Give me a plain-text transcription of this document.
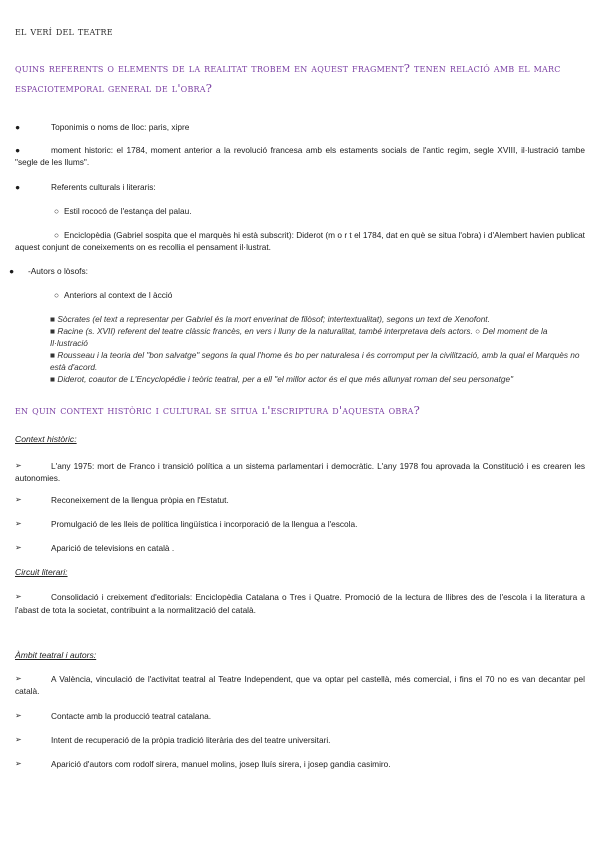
el verí del teatre
quins referents o elements de la realitat trobem en aquest fragment? tenen relació amb el marc espaciotemporal general de l'obra?
●	Toponimis o noms de lloc: paris, xipre
●	moment historic: el 1784, moment anterior a la revolució francesa amb els estaments socials de l'antic regim, segle XVIII, il·lustració tambe "segle de les llums".
●	Referents culturals i literaris:
○ Estil rococó de l'estança del palau.
○ Enciclopèdia (Gabriel sospita que el marquès hi està subscrit): Diderot (m o r t el 1784, dat en què se situa l'obra) i d'Alembert havien publicat aquest conjunt de coneixements on es recollia el pensament il·lustrat.
●	-Autors o lòsofs:
○ Anteriors al context de l àcció
■ Sòcrates (el text a representar per Gabriel és la mort enverinat de filòsof; intertextualitat), segons un text de Xenofont.
■ Racine (s. XVII) referent del teatre clàssic francès, en vers i lluny de la naturalitat, també interpretava dels actors. ○ Del moment de la Il·lustració
■ Rousseau i la teoria del "bon salvatge" segons la qual l'home és bo per naturalesa i és corromput per la civilització, amb la qual el Marquès no està d'acord.
■ Diderot, coautor de L'Encyclopédie i teòric teatral, per a ell "el millor actor és el que més allunyat roman del seu personatge"
en quin context històric i cultural se situa l'escriptura d'aquesta obra?
Context històric:
➢	L'any 1975: mort de Franco i transició política a un sistema parlamentari i democràtic. L'any 1978 fou aprovada la Constitució i es crearen les autonomies.
➢	Reconeixement de la llengua pròpia en l'Estatut.
➢	Promulgació de les lleis de política lingüística i incorporació de la llengua a l'escola.
➢	Aparició de televisions en català .
Circuit literari:
➢	Consolidació i creixement d'editorials: Enciclopèdia Catalana o Tres i Quatre. Promoció de la lectura de llibres des de l'escola i la literatura a l'abast de tota la societat, contribuint a la normalització del català.
Àmbit teatral i autors:
➢	A València, vinculació de l'activitat teatral al Teatre Independent, que va optar pel castellà, més comercial, i fins el 70 no es van decantar pel català.
➢	Contacte amb la producció teatral catalana.
➢	Intent de recuperació de la pròpia tradició literària des del teatre universitari.
➢	Aparició d'autors com rodolf sirera, manuel molins, josep lluís sirera, i josep gandia casimiro.
